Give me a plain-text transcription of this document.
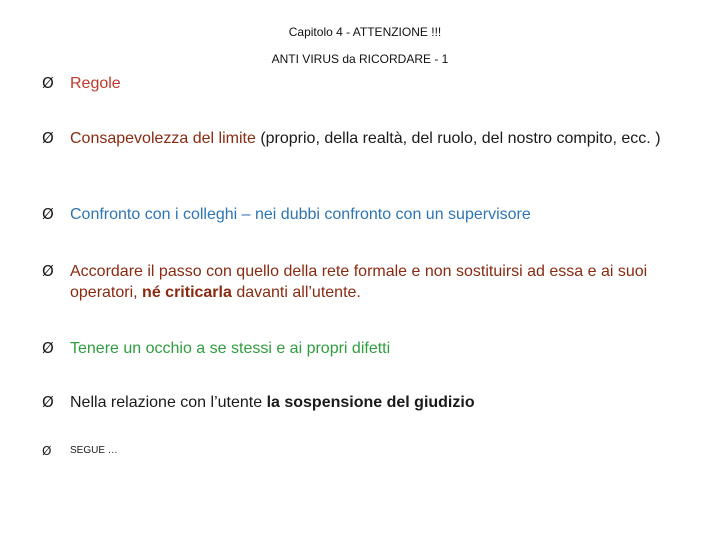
Capitolo 4 - ATTENZIONE !!!
ANTI VIRUS da RICORDARE - 1
Ø Regole
Ø Consapevolezza del limite (proprio, della realtà, del ruolo, del nostro compito, ecc. )
Ø Confronto con i colleghi – nei dubbi confronto con un supervisore
Ø Accordare il passo con quello della rete formale e non sostituirsi ad essa e ai suoi operatori, né criticarla davanti all’utente.
Ø Tenere un occhio a se stessi e ai propri difetti
Ø Nella relazione con l’utente la sospensione del giudizio
Ø SEGUE …
